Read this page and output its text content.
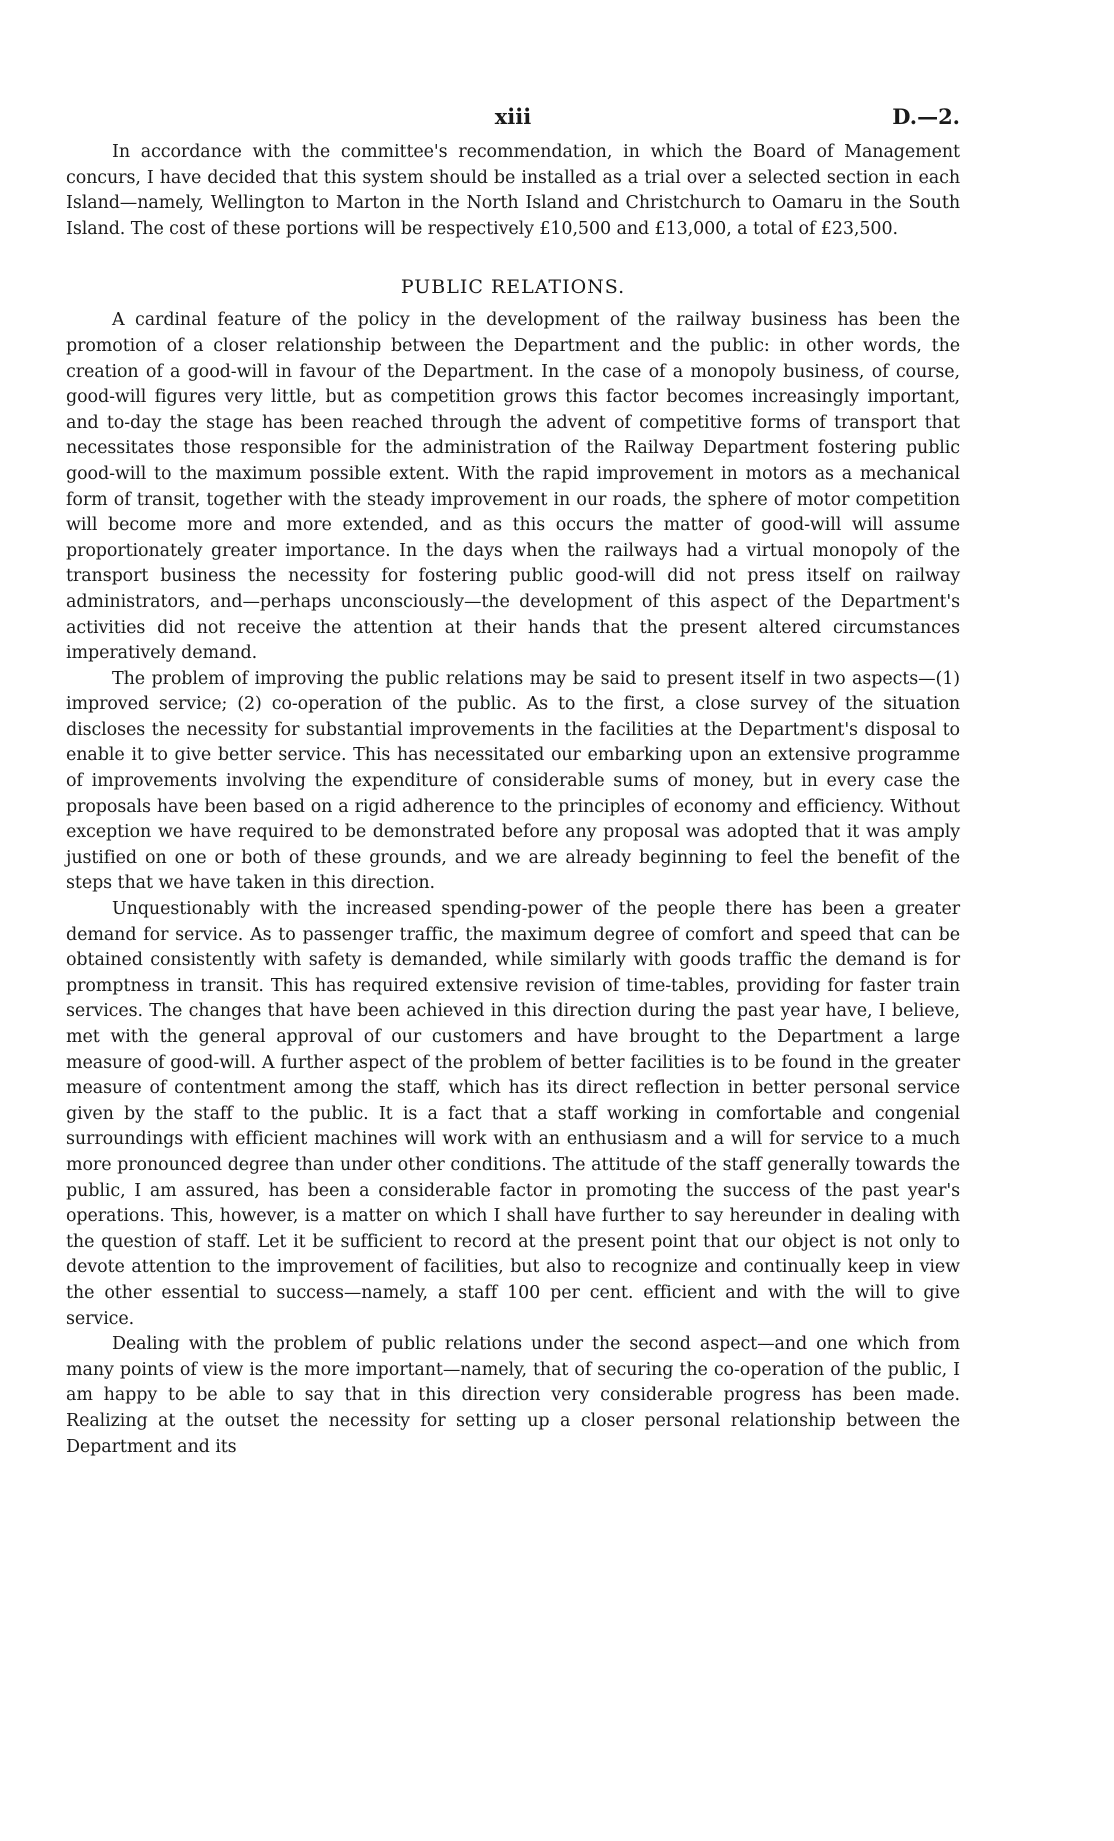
xiii	D.—2.

In accordance with the committee's recommendation, in which the Board of Management concurs, I have decided that this system should be installed as a trial over a selected section in each Island—namely, Wellington to Marton in the North Island and Christchurch to Oamaru in the South Island. The cost of these portions will be respectively £10,500 and £13,000, a total of £23,500.

PUBLIC RELATIONS.

A cardinal feature of the policy in the development of the railway business has been the promotion of a closer relationship between the Department and the public: in other words, the creation of a good-will in favour of the Department. In the case of a monopoly business, of course, good-will figures very little, but as competition grows this factor becomes increasingly important, and to-day the stage has been reached through the advent of competitive forms of transport that necessitates those responsible for the administration of the Railway Department fostering public good-will to the maximum possible extent. With the rapid improvement in motors as a mechanical form of transit, together with the steady improvement in our roads, the sphere of motor competition will become more and more extended, and as this occurs the matter of good-will will assume proportionately greater importance. In the days when the railways had a virtual monopoly of the transport business the necessity for fostering public good-will did not press itself on railway administrators, and—perhaps unconsciously—the development of this aspect of the Department's activities did not receive the attention at their hands that the present altered circumstances imperatively demand.

The problem of improving the public relations may be said to present itself in two aspects—(1) improved service; (2) co-operation of the public. As to the first, a close survey of the situation discloses the necessity for substantial improvements in the facilities at the Department's disposal to enable it to give better service. This has necessitated our embarking upon an extensive programme of improvements involving the expenditure of considerable sums of money, but in every case the proposals have been based on a rigid adherence to the principles of economy and efficiency. Without exception we have required to be demonstrated before any proposal was adopted that it was amply justified on one or both of these grounds, and we are already beginning to feel the benefit of the steps that we have taken in this direction.

Unquestionably with the increased spending-power of the people there has been a greater demand for service. As to passenger traffic, the maximum degree of comfort and speed that can be obtained consistently with safety is demanded, while similarly with goods traffic the demand is for promptness in transit. This has required extensive revision of time-tables, providing for faster train services. The changes that have been achieved in this direction during the past year have, I believe, met with the general approval of our customers and have brought to the Department a large measure of good-will. A further aspect of the problem of better facilities is to be found in the greater measure of contentment among the staff, which has its direct reflection in better personal service given by the staff to the public. It is a fact that a staff working in comfortable and congenial surroundings with efficient machines will work with an enthusiasm and a will for service to a much more pronounced degree than under other conditions. The attitude of the staff generally towards the public, I am assured, has been a considerable factor in promoting the success of the past year's operations. This, however, is a matter on which I shall have further to say hereunder in dealing with the question of staff. Let it be sufficient to record at the present point that our object is not only to devote attention to the improvement of facilities, but also to recognize and continually keep in view the other essential to success—namely, a staff 100 per cent. efficient and with the will to give service.

Dealing with the problem of public relations under the second aspect—and one which from many points of view is the more important—namely, that of securing the co-operation of the public, I am happy to be able to say that in this direction very considerable progress has been made. Realizing at the outset the necessity for setting up a closer personal relationship between the Department and its
